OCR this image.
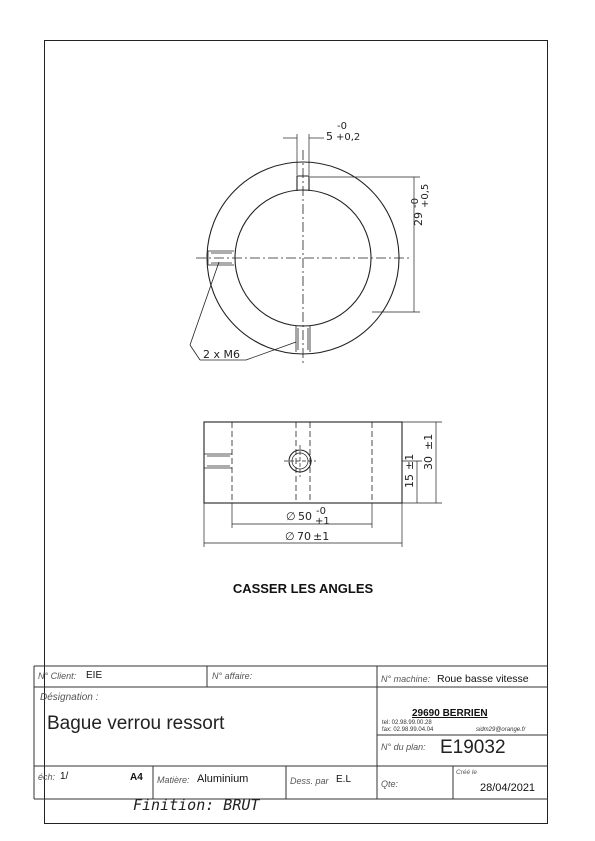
5
-0
+0,2
29
-0 +0,5
2 x M6
∅ 50 -0
+1
∅ 70 ±1
15
±1 30
±1
CASSER LES ANGLES
N° Client: EIE	N° affaire:	N° machine: Roue basse vitesse
Désignation :
Bague verrou ressort	29690 BERRIEN
tel: 02.98.99.00.28
fax: 02.98.99.04.04	sidm29@orange.fr
N° du plan: E19032
éch: 1/	A4 Matière: Aluminium	Dess. par E.L	Qte:
Créé le
28/04/2021
Finition: BRUT
